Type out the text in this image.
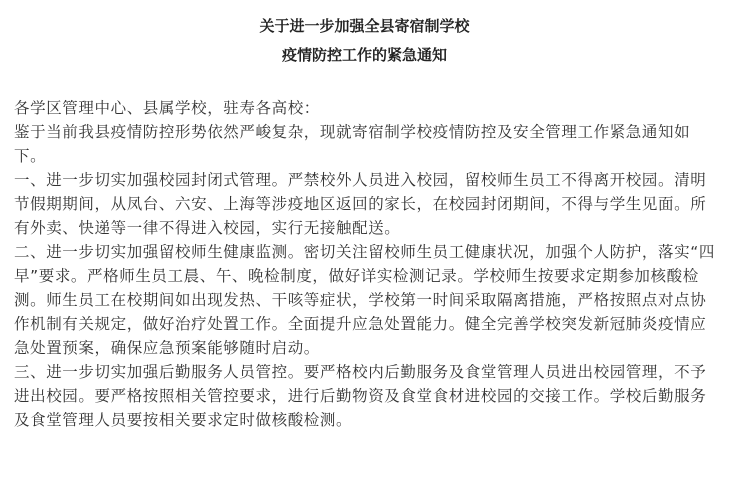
关于进一步加强全县寄宿制学校
疫情防控工作的紧急通知

各学区管理中心、县属学校，驻寿各高校：

鉴于当前我县疫情防控形势依然严峻复杂，现就寄宿制学校疫情防控及安全管理工作紧急通知如下。

一、进一步切实加强校园封闭式管理。严禁校外人员进入校园，留校师生员工不得离开校园。清明节假期期间，从凤台、六安、上海等涉疫地区返回的家长，在校园封闭期间，不得与学生见面。所有外卖、快递等一律不得进入校园，实行无接触配送。

二、进一步切实加强留校师生健康监测。密切关注留校师生员工健康状况，加强个人防护，落实“四早”要求。严格师生员工晨、午、晚检制度，做好详实检测记录。学校师生按要求定期参加核酸检测。师生员工在校期间如出现发热、干咳等症状，学校第一时间采取隔离措施，严格按照点对点协作机制有关规定，做好治疗处置工作。全面提升应急处置能力。健全完善学校突发新冠肺炎疫情应急处置预案，确保应急预案能够随时启动。

三、进一步切实加强后勤服务人员管控。要严格校内后勤服务及食堂管理人员进出校园管理，不予进出校园。要严格按照相关管控要求，进行后勤物资及食堂食材进校园的交接工作。学校后勤服务及食堂管理人员要按相关要求定时做核酸检测。
